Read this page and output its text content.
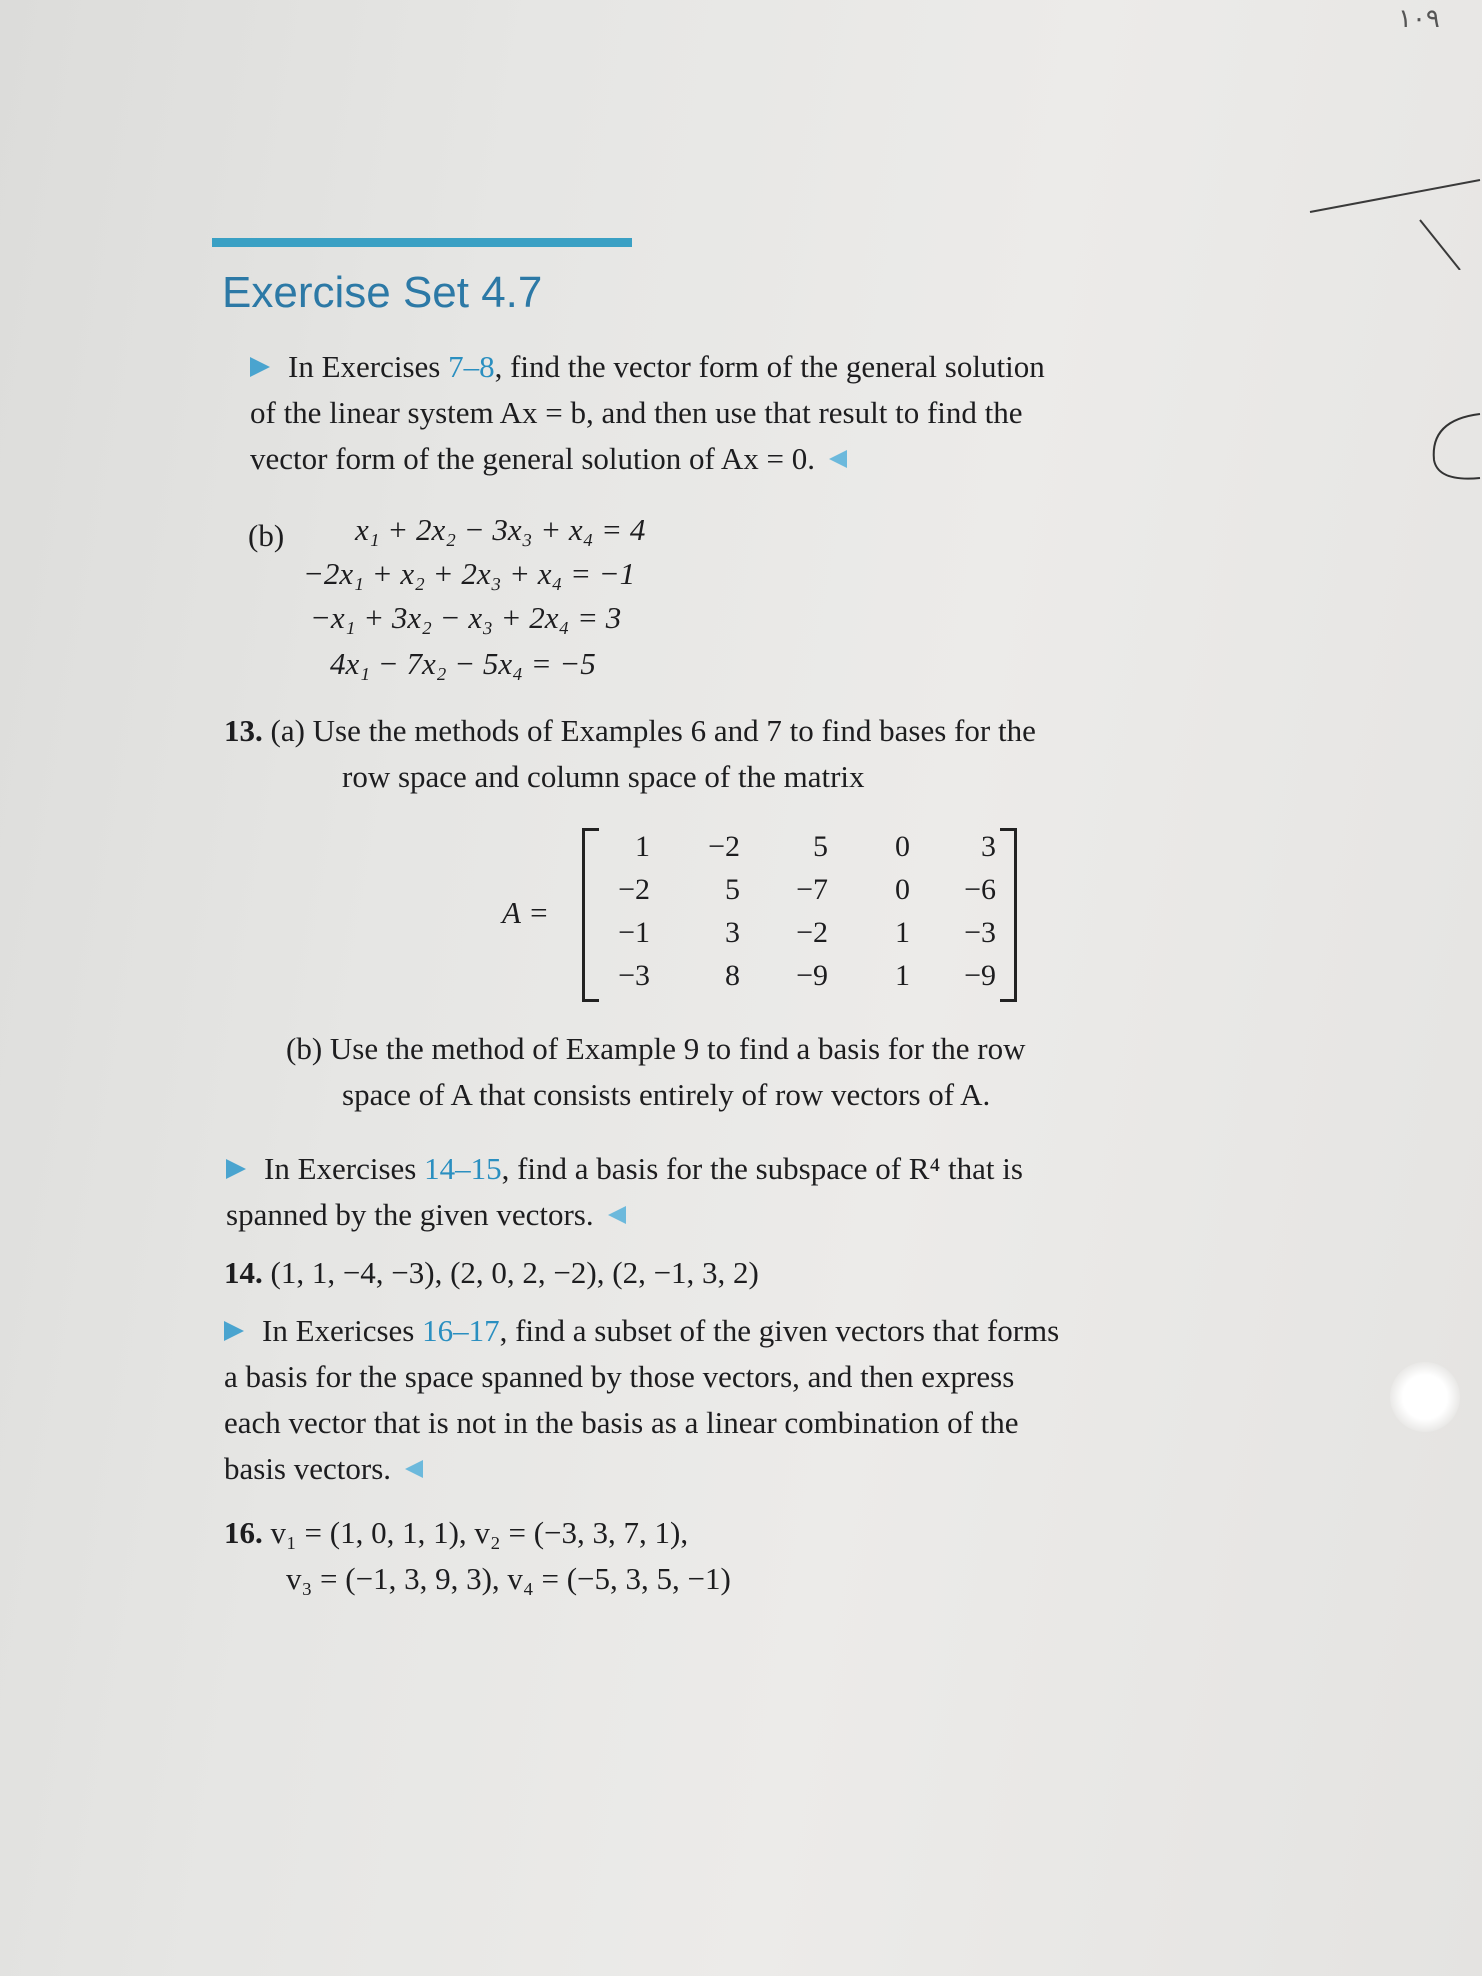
١٠٩
Exercise Set 4.7
In Exercises 7–8, find the vector form of the general solution
of the linear system Ax = b, and then use that result to find the
vector form of the general solution of Ax = 0.
(b) x₁ + 2x₂ − 3x₃ + x₄ = 4
−2x₁ + x₂ + 2x₃ + x₄ = −1
−x₁ + 3x₂ − x₃ + 2x₄ = 3
4x₁ − 7x₂ − 5x₄ = −5
13. (a) Use the methods of Examples 6 and 7 to find bases for the
row space and column space of the matrix
A =
1	−2	5	0	3
−2	5	−7	0	−6
−1	3	−2	1	−3
−3	8	−9	1	−9
(b) Use the method of Example 9 to find a basis for the row
space of A that consists entirely of row vectors of A.
In Exercises 14–15, find a basis for the subspace of R⁴ that is
spanned by the given vectors.
14. (1, 1, −4, −3), (2, 0, 2, −2), (2, −1, 3, 2)
In Exericses 16–17, find a subset of the given vectors that forms
a basis for the space spanned by those vectors, and then express
each vector that is not in the basis as a linear combination of the
basis vectors.
16. v₁ = (1, 0, 1, 1), v₂ = (−3, 3, 7, 1),
v₃ = (−1, 3, 9, 3), v₄ = (−5, 3, 5, −1)
